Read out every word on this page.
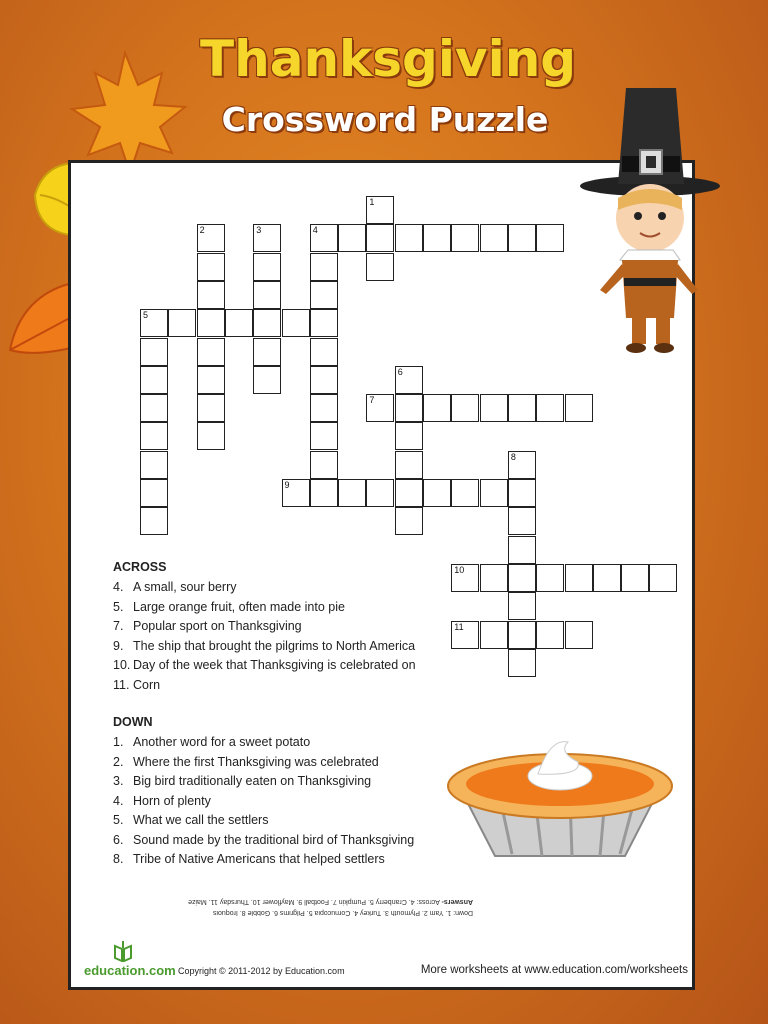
Thanksgiving
Crossword Puzzle
1
2	3	4
5
6
7
8
9
10
11
ACROSS
4. A small, sour berry
5. Large orange fruit, often made into pie
7. Popular sport on Thanksgiving
9. The ship that brought the pilgrims to North America
10. Day of the week that Thanksgiving is celebrated on
11. Corn
DOWN
1. Another word for a sweet potato
2. Where the first Thanksgiving was celebrated
3. Big bird traditionally eaten on Thanksgiving
4. Horn of plenty
5. What we call the settlers
6. Sound made by the traditional bird of Thanksgiving
8. Tribe of Native Americans that helped settlers
Down: 1. Yam 2. Plymouth 3. Turkey 4. Cornucopia 5. Pilgrims 6. Gobble 8. Iroquois
Answers- Across: 4. Cranberry 5. Pumpkin 7. Football 9. Mayflower 10. Thursday 11. Maize
education.com Copyright © 2011-2012 by Education.com	More worksheets at www.education.com/worksheets
